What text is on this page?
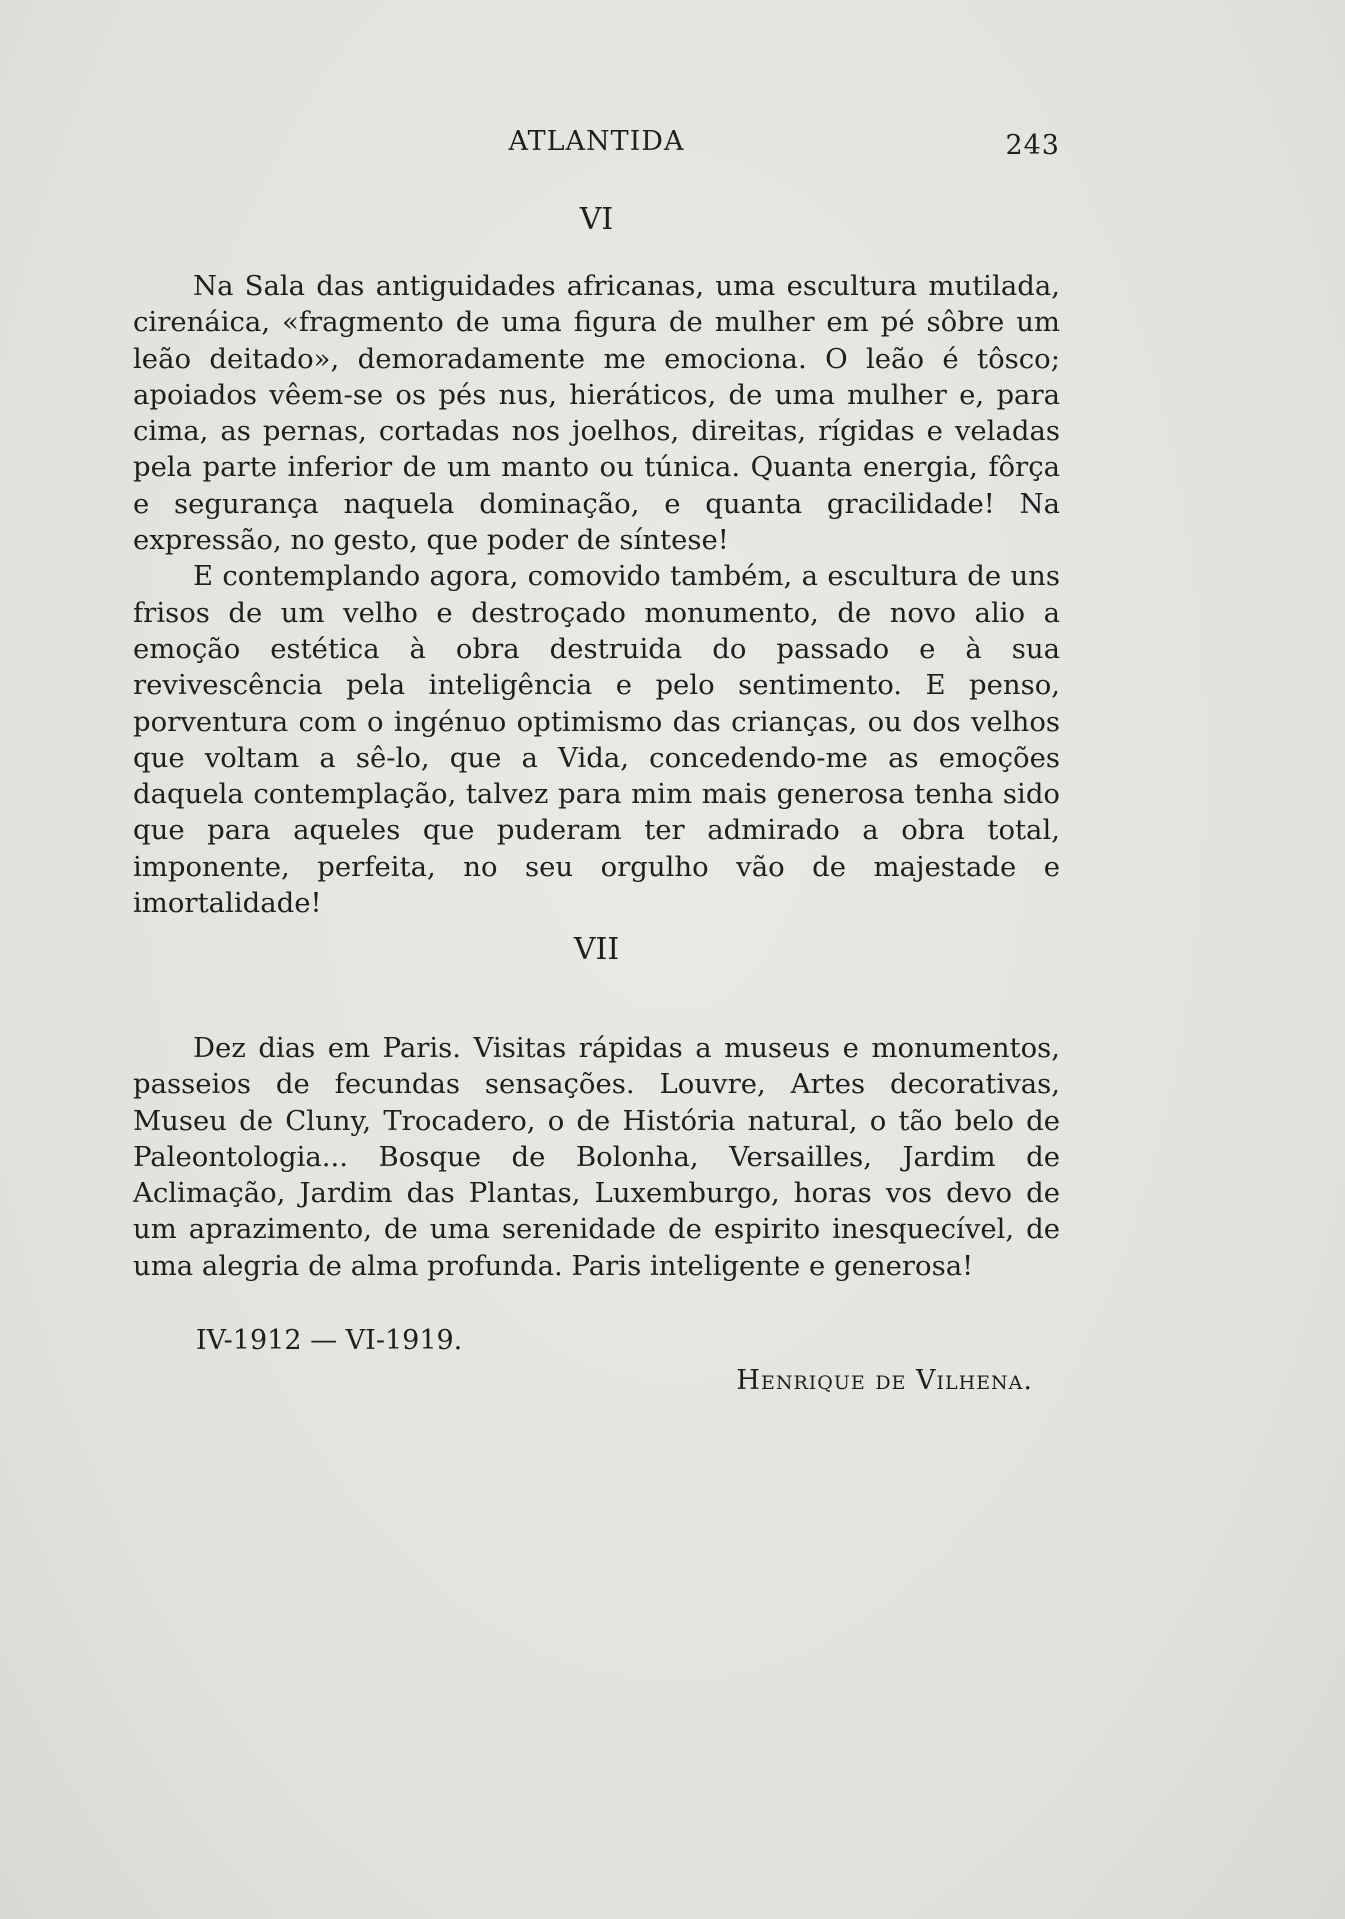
ATLANTIDA	243
VI

Na Sala das antiguidades africanas, uma escultura mutilada, cirenáica, «fragmento de uma figura de mulher em pé sôbre um leão deitado», demoradamente me emociona. O leão é tôsco; apoiados vêem-se os pés nus, hieráticos, de uma mulher e, para cima, as pernas, cortadas nos joelhos, direitas, rígidas e veladas pela parte inferior de um manto ou túnica. Quanta energia, fôrça e segurança naquela dominação, e quanta gracilidade! Na expressão, no gesto, que poder de síntese!

E contemplando agora, comovido também, a escultura de uns frisos de um velho e destroçado monumento, de novo alio a emoção estética à obra destruida do passado e à sua revivescência pela inteligência e pelo sentimento. E penso, porventura com o ingénuo optimismo das crianças, ou dos velhos que voltam a sê-lo, que a Vida, concedendo-me as emoções daquela contemplação, talvez para mim mais generosa tenha sido que para aqueles que puderam ter admirado a obra total, imponente, perfeita, no seu orgulho vão de majestade e imortalidade!

VII

Dez dias em Paris. Visitas rápidas a museus e monumentos, passeios de fecundas sensações. Louvre, Artes decorativas, Museu de Cluny, Trocadero, o de História natural, o tão belo de Paleontologia... Bosque de Bolonha, Versailles, Jardim de Aclimação, Jardim das Plantas, Luxemburgo, horas vos devo de um aprazimento, de uma serenidade de espirito inesquecível, de uma alegria de alma profunda. Paris inteligente e generosa!

IV-1912 — VI-1919.
Henrique de Vilhena.
